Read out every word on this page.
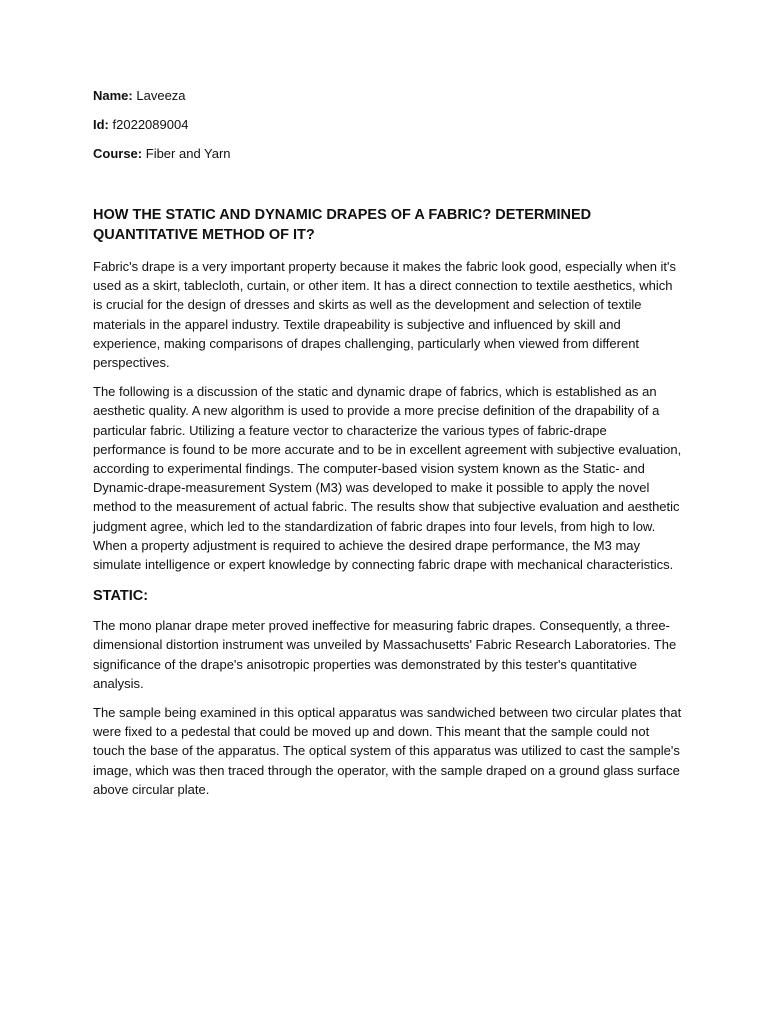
Name: Laveeza

Id: f2022089004

Course: Fiber and Yarn

HOW THE STATIC AND DYNAMIC DRAPES OF A FABRIC? DETERMINED QUANTITATIVE METHOD OF IT?

Fabric's drape is a very important property because it makes the fabric look good, especially when it's used as a skirt, tablecloth, curtain, or other item. It has a direct connection to textile aesthetics, which is crucial for the design of dresses and skirts as well as the development and selection of textile materials in the apparel industry. Textile drapeability is subjective and influenced by skill and experience, making comparisons of drapes challenging, particularly when viewed from different perspectives.

The following is a discussion of the static and dynamic drape of fabrics, which is established as an aesthetic quality. A new algorithm is used to provide a more precise definition of the drapability of a particular fabric. Utilizing a feature vector to characterize the various types of fabric-drape performance is found to be more accurate and to be in excellent agreement with subjective evaluation, according to experimental findings. The computer-based vision system known as the Static- and Dynamic-drape-measurement System (M3) was developed to make it possible to apply the novel method to the measurement of actual fabric. The results show that subjective evaluation and aesthetic judgment agree, which led to the standardization of fabric drapes into four levels, from high to low. When a property adjustment is required to achieve the desired drape performance, the M3 may simulate intelligence or expert knowledge by connecting fabric drape with mechanical characteristics.

STATIC:

The mono planar drape meter proved ineffective for measuring fabric drapes. Consequently, a three-dimensional distortion instrument was unveiled by Massachusetts' Fabric Research Laboratories. The significance of the drape's anisotropic properties was demonstrated by this tester's quantitative analysis.

The sample being examined in this optical apparatus was sandwiched between two circular plates that were fixed to a pedestal that could be moved up and down. This meant that the sample could not touch the base of the apparatus. The optical system of this apparatus was utilized to cast the sample's image, which was then traced through the operator, with the sample draped on a ground glass surface above circular plate.
